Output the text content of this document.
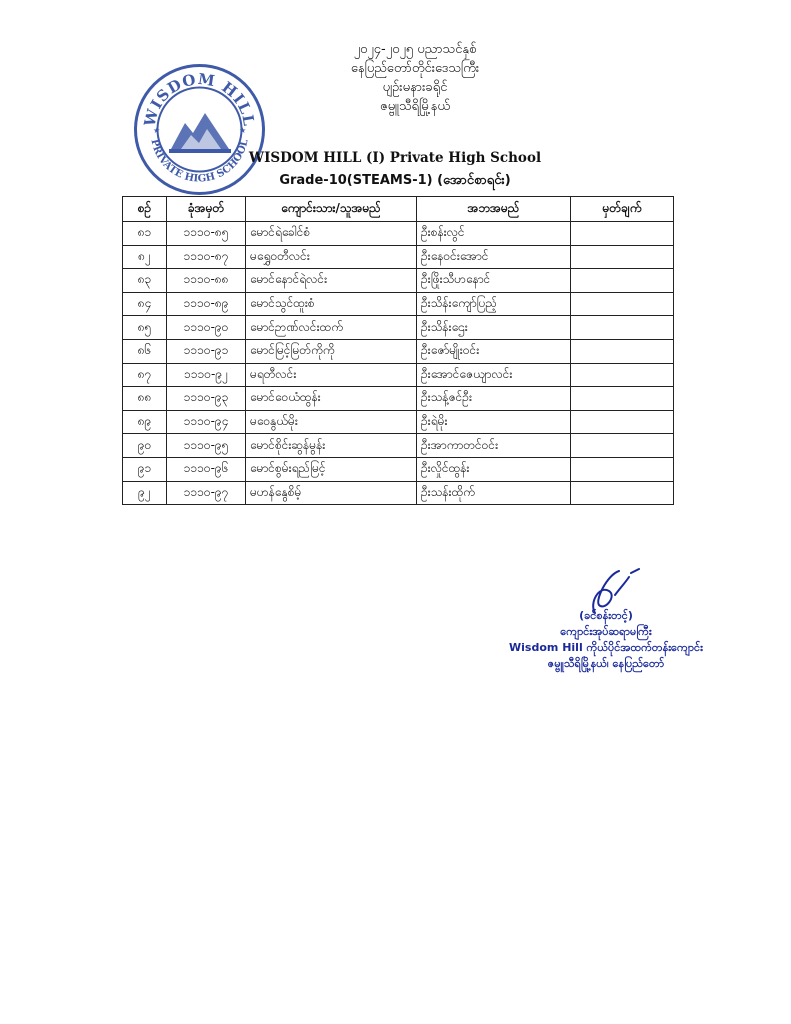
WISDOM HILL
PRIVATE HIGH SCHOOL
★	★
၂၀၂၄-၂၀၂၅ ပညာသင်နှစ်
နေပြည်တော်တိုင်းဒေသကြီး
ပျဉ်းမနားခရိုင်
ဇမ္ဗူသီရိမြို့နယ်
WISDOM HILL (I) Private High School
Grade-10(STEAMS-1) (အောင်စာရင်း)
စဉ်	ခုံအမှတ်	ကျောင်းသား/သူအမည်	အဘအမည်	မှတ်ချက်
၈၁	၁၁၁၀-၈၅	မောင်ရဲခေါင်စံ	ဦးစန်းလွင်	
၈၂	၁၁၁၀-၈၇	မရွှေဝတီလင်း	ဦးနေဝင်းအောင်	
၈၃	၁၁၁၀-၈၈	မောင်နောင်ရဲလင်း	ဦးဖြိုးသီဟနောင်	
၈၄	၁၁၁၀-၈၉	မောင်သွင်ထူးစံ	ဦးသိန်းကျော်ပြည့်	
၈၅	၁၁၁၀-၉၀	မောင်ဉာဏ်လင်းထက်	ဦးသိန်းဌေး	
၈၆	၁၁၁၀-၉၁	မောင်မြင့်မြတ်ကိုကို	ဦးဇော်မျိုးဝင်း	
၈၇	၁၁၁၀-၉၂	မရတီလင်း	ဦးအောင်ဇေယျာလင်း	
၈၈	၁၁၁၀-၉၃	မောင်ဝေယံထွန်း	ဦးသန့်ဇင်ဦး	
၈၉	၁၁၁၀-၉၄	မဝေနွယ်မိုး	ဦးရဲမိုး	
၉၀	၁၁၁၀-၉၅	မောင်စိုင်းဆွန်မွန်း	ဦးအာကာတင်ဝင်း	
၉၁	၁၁၁၀-၉၆	မောင်စွမ်းရည်မြင့်	ဦးလှိုင်ထွန်း	
၉၂	၁၁၁၀-၉၇	မဟန်နွေစိမ့်	ဦးသန်းထိုက်	
(ခင်စန်းတင့်)
ကျောင်းအုပ်ဆရာမကြီး
Wisdom Hill ကိုယ်ပိုင်အထက်တန်းကျောင်း
ဇမ္ဗူသီရိမြို့နယ်၊ နေပြည်တော်
